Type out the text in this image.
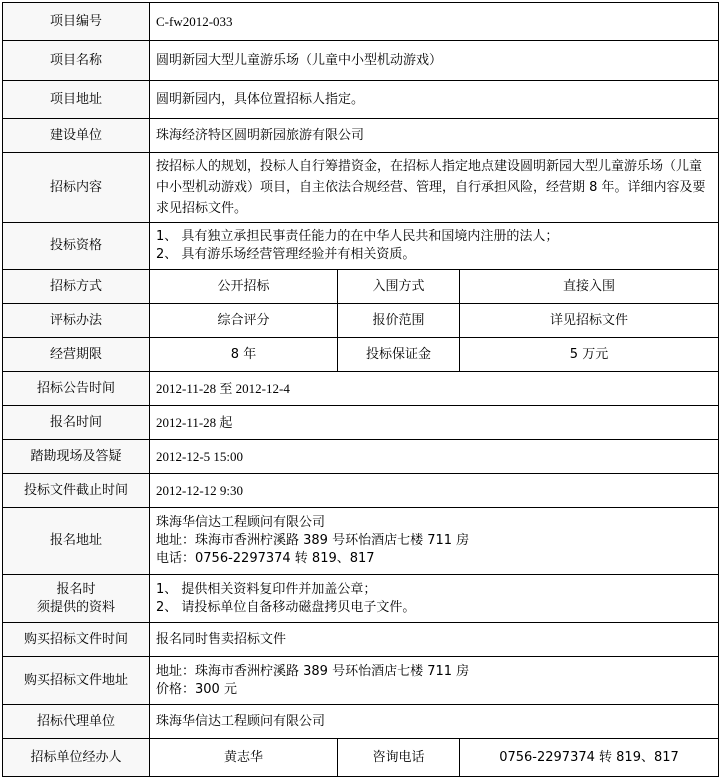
项目编号	C-fw2012-033		
项目名称	圆明新园大型儿童游乐场（儿童中小型机动游戏）		
项目地址	圆明新园内，具体位置招标人指定。		
建设单位	珠海经济特区圆明新园旅游有限公司		
招标内容	按招标人的规划，投标人自行筹措资金，在招标人指定地点建设圆明新园大型儿童游乐场（儿童中小型机动游戏）项目，自主依法合规经营、管理，自行承担风险，经营期 8 年。详细内容及要求见招标文件。		

投标资格	1、 具有独立承担民事责任能力的在中华人民共和国境内注册的法人；
2、 具有游乐场经营管理经验并有相关资质。		

招标方式	公开招标	入围方式	直接入围
评标办法	综合评分	报价范围	详见招标文件
经营期限	8 年	投标保证金	5 万元
招标公告时间	2012-11-28 至 2012-12-4		
报名时间	2012-11-28 起		
踏勘现场及答疑	2012-12-5 15:00		
投标文件截止时间	2012-12-12 9:30		
报名地址	珠海华信达工程顾问有限公司
地址：珠海市香洲柠溪路 389 号环怡酒店七楼 711 房
电话：0756-2297374 转 819、817		

报名时
须提供的资料	1、 提供相关资料复印件并加盖公章；
2、 请投标单位自备移动磁盘拷贝电子文件。		

购买招标文件时间	报名同时售卖招标文件		
购买招标文件地址	地址：珠海市香洲柠溪路 389 号环怡酒店七楼 711 房
价格：300 元		

招标代理单位	珠海华信达工程顾问有限公司		
招标单位经办人	黄志华	咨询电话	0756-2297374 转 819、817
